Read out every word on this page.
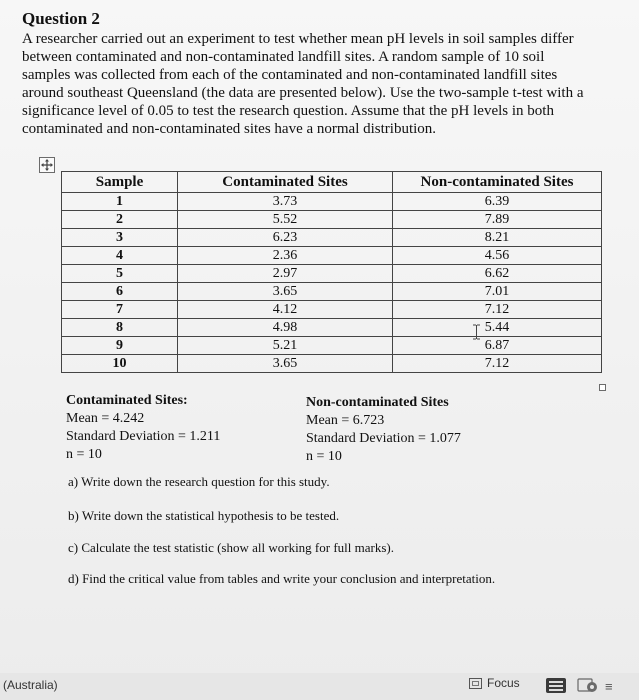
Question 2
A researcher carried out an experiment to test whether mean pH levels in soil samples differ
between contaminated and non-contaminated landfill sites. A random sample of 10 soil
samples was collected from each of the contaminated and non-contaminated landfill sites
around southeast Queensland (the data are presented below). Use the two-sample t-test with a
significance level of 0.05 to test the research question. Assume that the pH levels in both
contaminated and non-contaminated sites have a normal distribution.
Sample	Contaminated Sites	Non-contaminated Sites
1	3.73	6.39
2	5.52	7.89
3	6.23	8.21
4	2.36	4.56
5	2.97	6.62
6	3.65	7.01
7	4.12	7.12
8	4.98	5.44
9	5.21	6.87
10	3.65	7.12
Contaminated Sites:
Mean = 4.242
Standard Deviation = 1.211
n = 10
Non-contaminated Sites
Mean = 6.723
Standard Deviation = 1.077
n = 10
a) Write down the research question for this study.
b) Write down the statistical hypothesis to be tested.
c) Calculate the test statistic (show all working for full marks).
d) Find the critical value from tables and write your conclusion and interpretation.
(Australia)	Focus	≡
